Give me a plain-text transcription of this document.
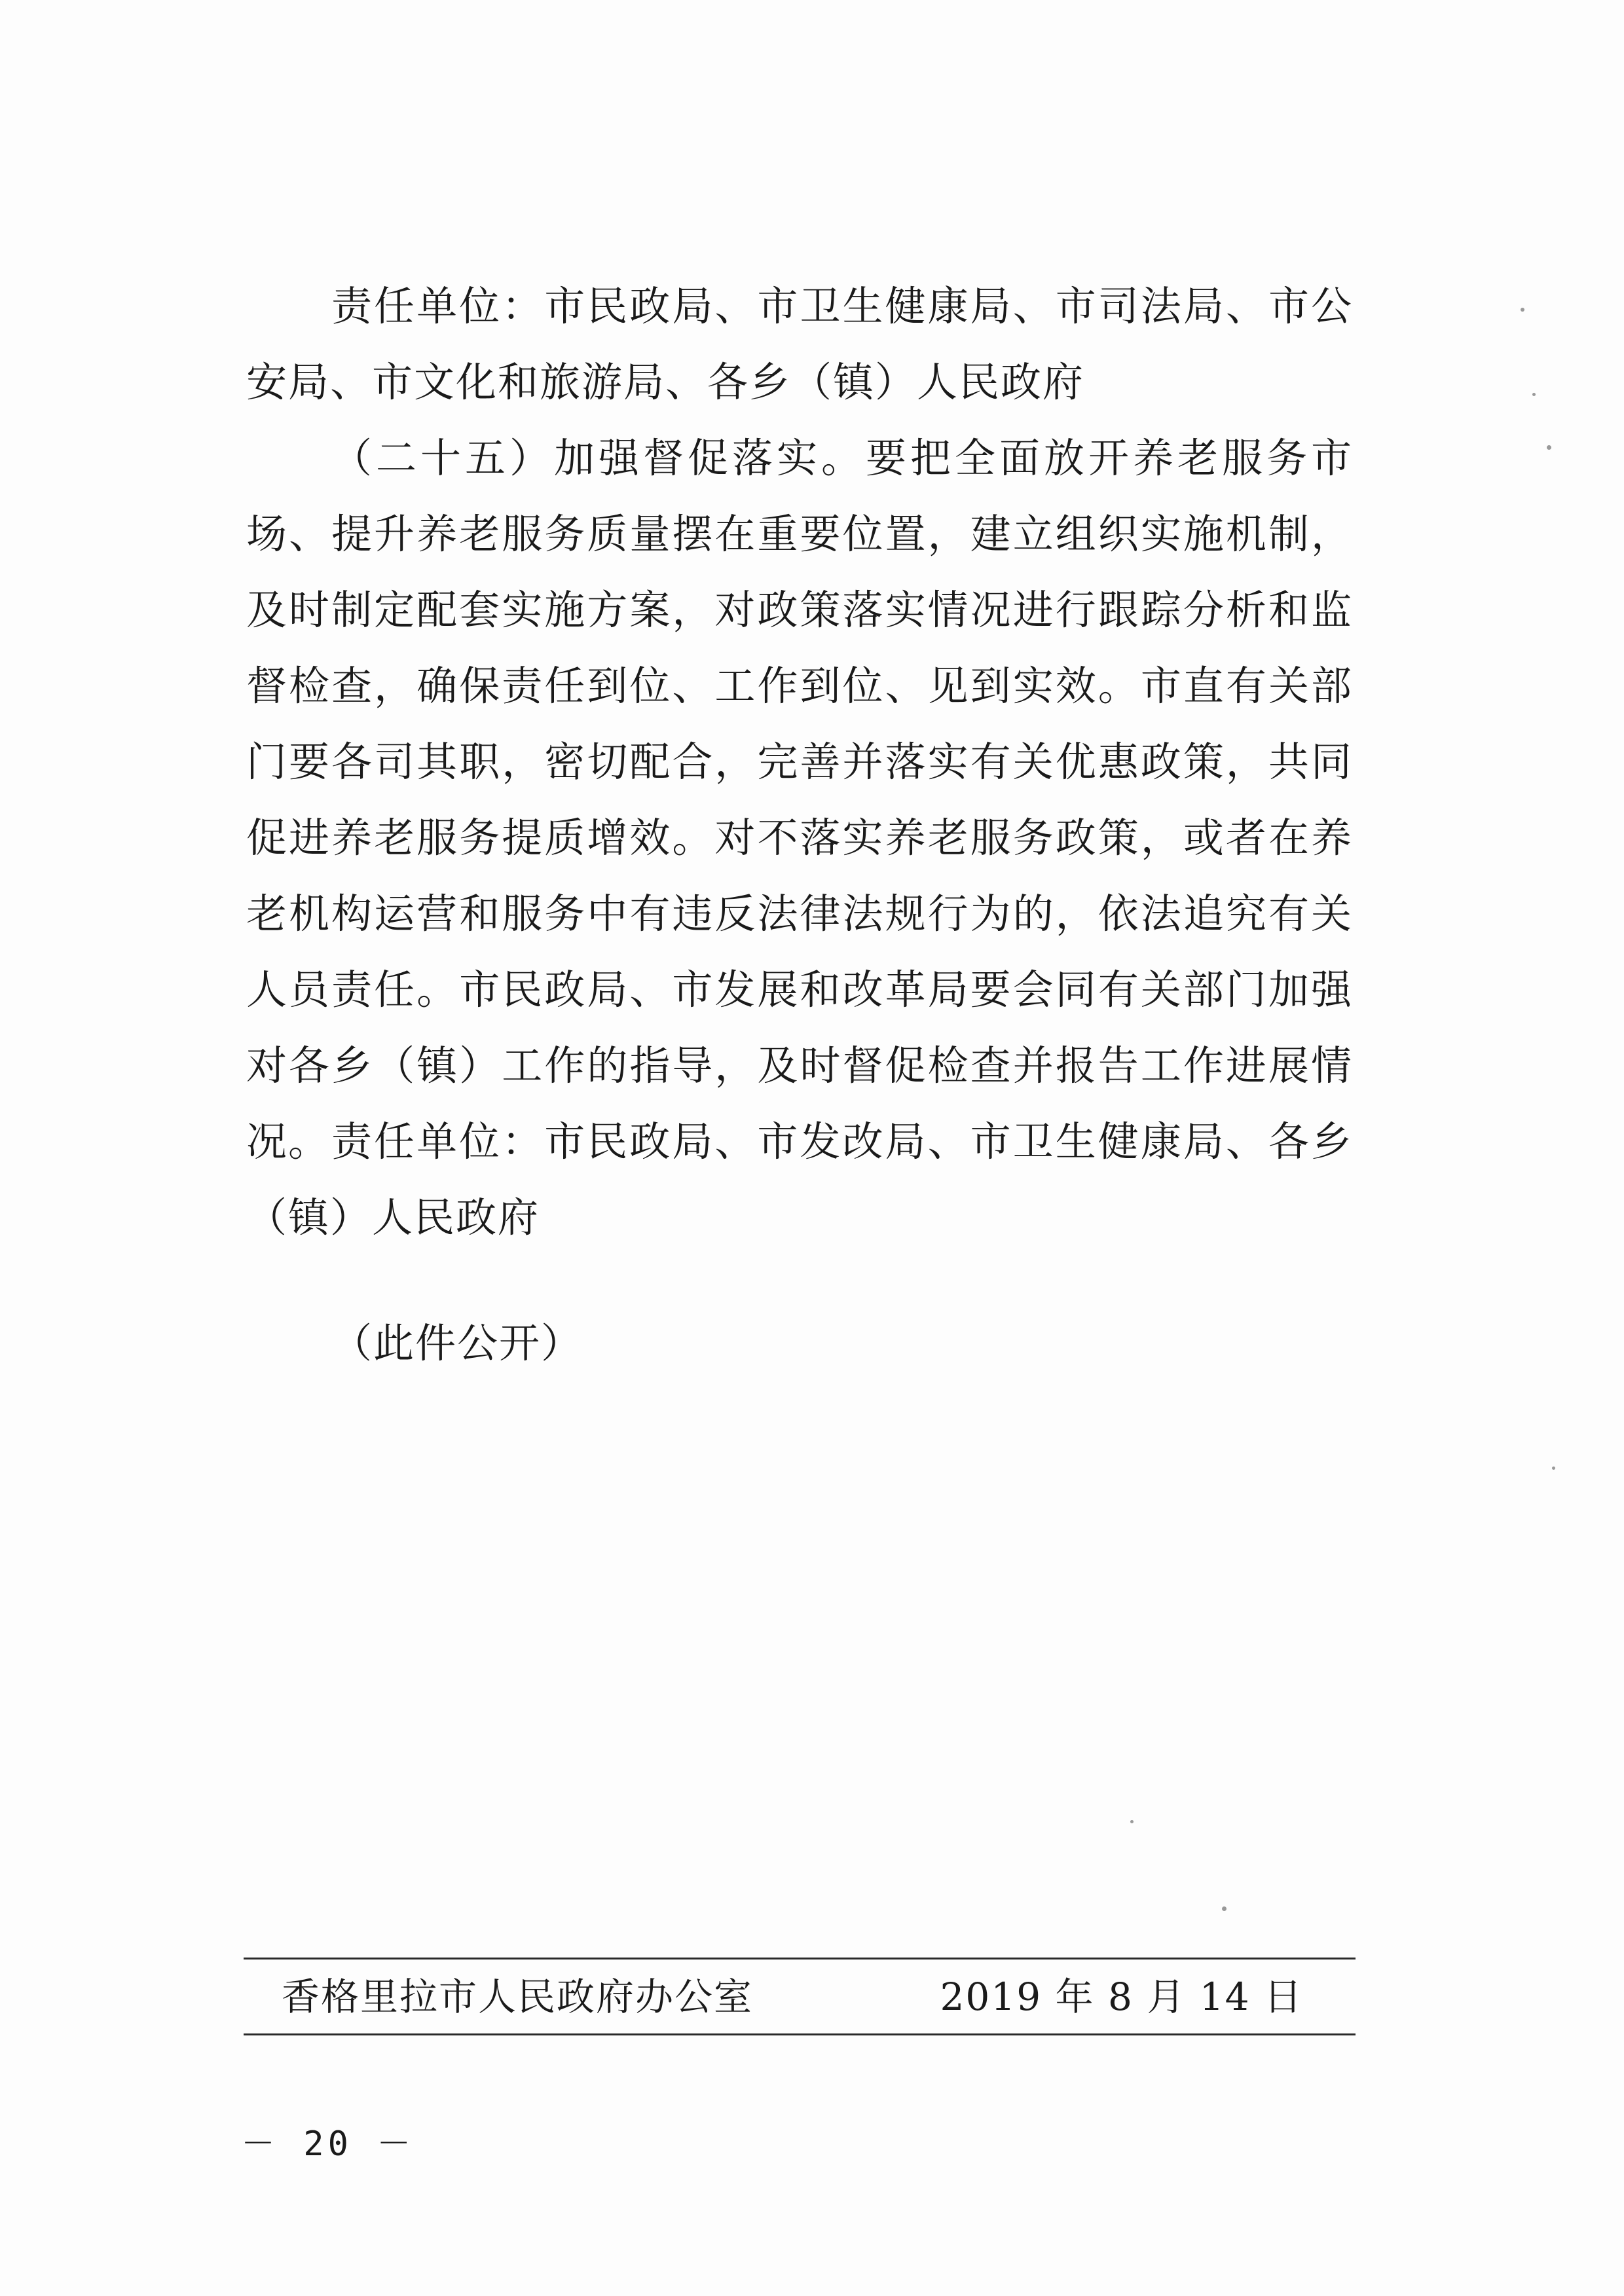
责任单位：市民政局、市卫生健康局、市司法局、市公安局、市文化和旅游局、各乡（镇）人民政府

（二十五）加强督促落实。要把全面放开养老服务市场、提升养老服务质量摆在重要位置，建立组织实施机制，及时制定配套实施方案，对政策落实情况进行跟踪分析和监督检查，确保责任到位、工作到位、见到实效。市直有关部门要各司其职，密切配合，完善并落实有关优惠政策，共同促进养老服务提质增效。对不落实养老服务政策，或者在养老机构运营和服务中有违反法律法规行为的，依法追究有关人员责任。市民政局、市发展和改革局要会同有关部门加强对各乡（镇）工作的指导，及时督促检查并报告工作进展情况。 责任单位：市民政局、市发改局、市卫生健康局、各乡（镇）人民政府

（此件公开）

香格里拉市人民政府办公室	2019 年 8 月 14 日
－ 20 －
